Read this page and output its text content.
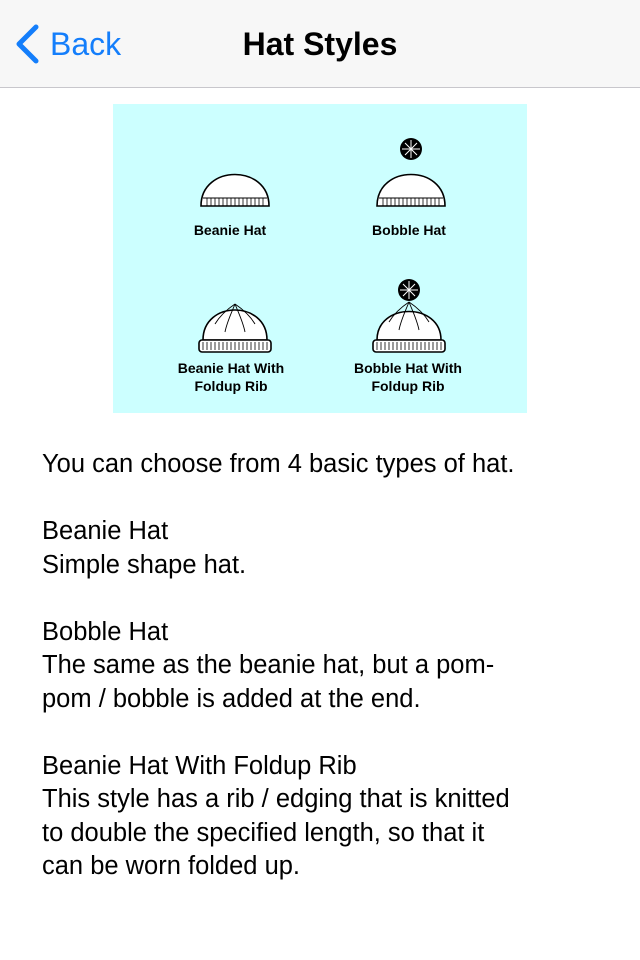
Back	Hat Styles
Beanie Hat	Bobble Hat
Beanie Hat With
Foldup Rib
Bobble Hat With
Foldup Rib

You can choose from 4 basic types of hat.

Beanie Hat
Simple shape hat.

Bobble Hat
The same as the beanie hat, but a pom-
pom / bobble is added at the end.

Beanie Hat With Foldup Rib
This style has a rib / edging that is knitted
to double the specified length, so that it
can be worn folded up.
